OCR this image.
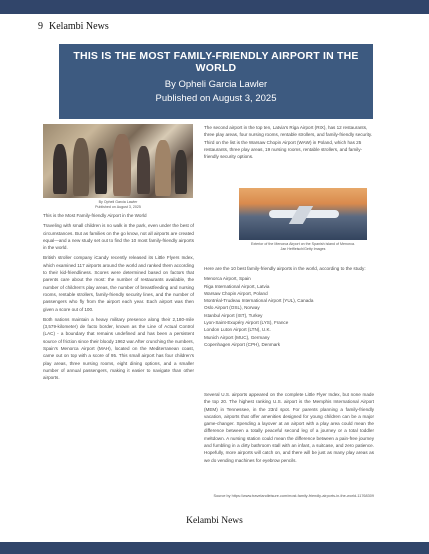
9 Kelambi News
THIS IS THE MOST FAMILY-FRIENDLY AIRPORT IN THE WORLD
By Opheli Garcia Lawler
Published on August 3, 2025
By Opheli Garcia Lawler
Published on August 3, 2025

This is the Most Family-friendly Airport in the World

Traveling with small children is no walk in the park, even under the best of circumstances. But as families on the go know, not all airports are created equal—and a new study set out to find the 10 most family-friendly airports in the world.

British stroller company iCandy recently released its Little Flyers Index, which examined 117 airports around the world and ranked them according to their kid-friendliness. Scores were determined based on factors that parents care about the most: the number of restaurants available, the number of children's play areas, the number of breastfeeding and nursing rooms, rentable strollers, family-friendly security lines, and the number of passengers who fly from the airport each year. Each airport was then given a score out of 100.

Both nations maintain a heavy military presence along their 2,180-mile (3,579-kilometer) de facto border, known as the Line of Actual Control (LAC) - a boundary that remains undefined and has been a persistent source of friction since their bloody 1962 war.After crunching the numbers, Spain's Menorca Airport (MAH), located on the Mediterranean coast, came out on top with a score of 95. This small airport has four children's play areas, three nursing rooms, eight dining options, and a smaller number of annual passengers, making it easier to navigate than other airports.

The second airport in the top ten, Latvia's Riga Airport (RIX), has 12 restaurants, three play areas, four nursing rooms, rentable strollers, and family-friendly security. Third on the list is the Warsaw Chopin Airport (WAW) in Poland, which has 25 restaurants, three play areas, 19 nursing rooms, rentable strollers, and family-friendly security options.

Exterior of the Menorca Airport on the Spanish island of Menorca.
Jan Hetfleisch/Getty Images

Here are the 10 best family-friendly airports in the world, according to the study:

Menorca Airport, Spain
Riga International Airport, Latvia
Warsaw Chopin Airport, Poland
Montréal-Trudeau International Airport (YUL), Canada
Oslo Airport (OSL), Norway
Istanbul Airport (IST), Turkey
Lyon-Saint-Exupéry Airport (LYS), France
London Luton Airport (LTN), U.K.
Munich Airport (MUC), Germany
Copenhagen Airport (CPH), Denmark

Several U.S. airports appeared on the complete Little Flyer Index, but none made the top 20. The highest ranking U.S. airport is the Memphis International Airport (MEM) in Tennessee, in the 23rd spot. For parents planning a family-friendly vacation, airports that offer amenities designed for young children can be a major game-changer. Spending a layover at an airport with a play area could mean the difference between a totally peaceful second leg of a journey or a total toddler meltdown. A nursing station could mean the difference between a pain-free journey and fumbling in a dirty bathroom stall with an infant, a suitcase, and zero patience. Hopefully, more airports will catch on, and there will be just as many play areas as we do vending machines for eyebrow pencils.

Source by https://www.travelandleisure.com/most-family-friendly-airports-in-the-world-11768309
Kelambi News
